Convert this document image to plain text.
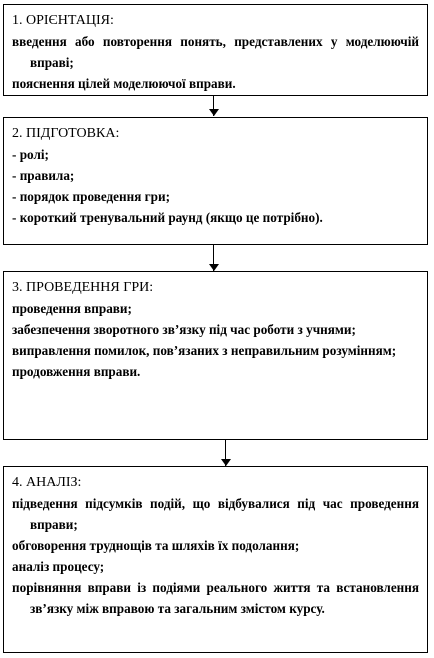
1. ОРІЄНТАЦІЯ:
введення або повторення понять, представлених у моделюючій вправі;
пояснення цілей моделюючої вправи.
2. ПІДГОТОВКА:
- ролі;
- правила;
- порядок проведення гри;
- короткий тренувальний раунд (якщо це потрібно).
3. ПРОВЕДЕННЯ ГРИ:
проведення вправи;
забезпечення зворотного зв’язку під час роботи з учнями;
виправлення помилок, пов’язаних з неправильним розумінням;
продовження вправи.
4. АНАЛІЗ:
підведення підсумків подій, що відбувалися під час проведення вправи;
обговорення труднощів та шляхів їх подолання;
аналіз процесу;
порівняння вправи із подіями реального життя та встановлення зв’язку між вправою та загальним змістом курсу.
